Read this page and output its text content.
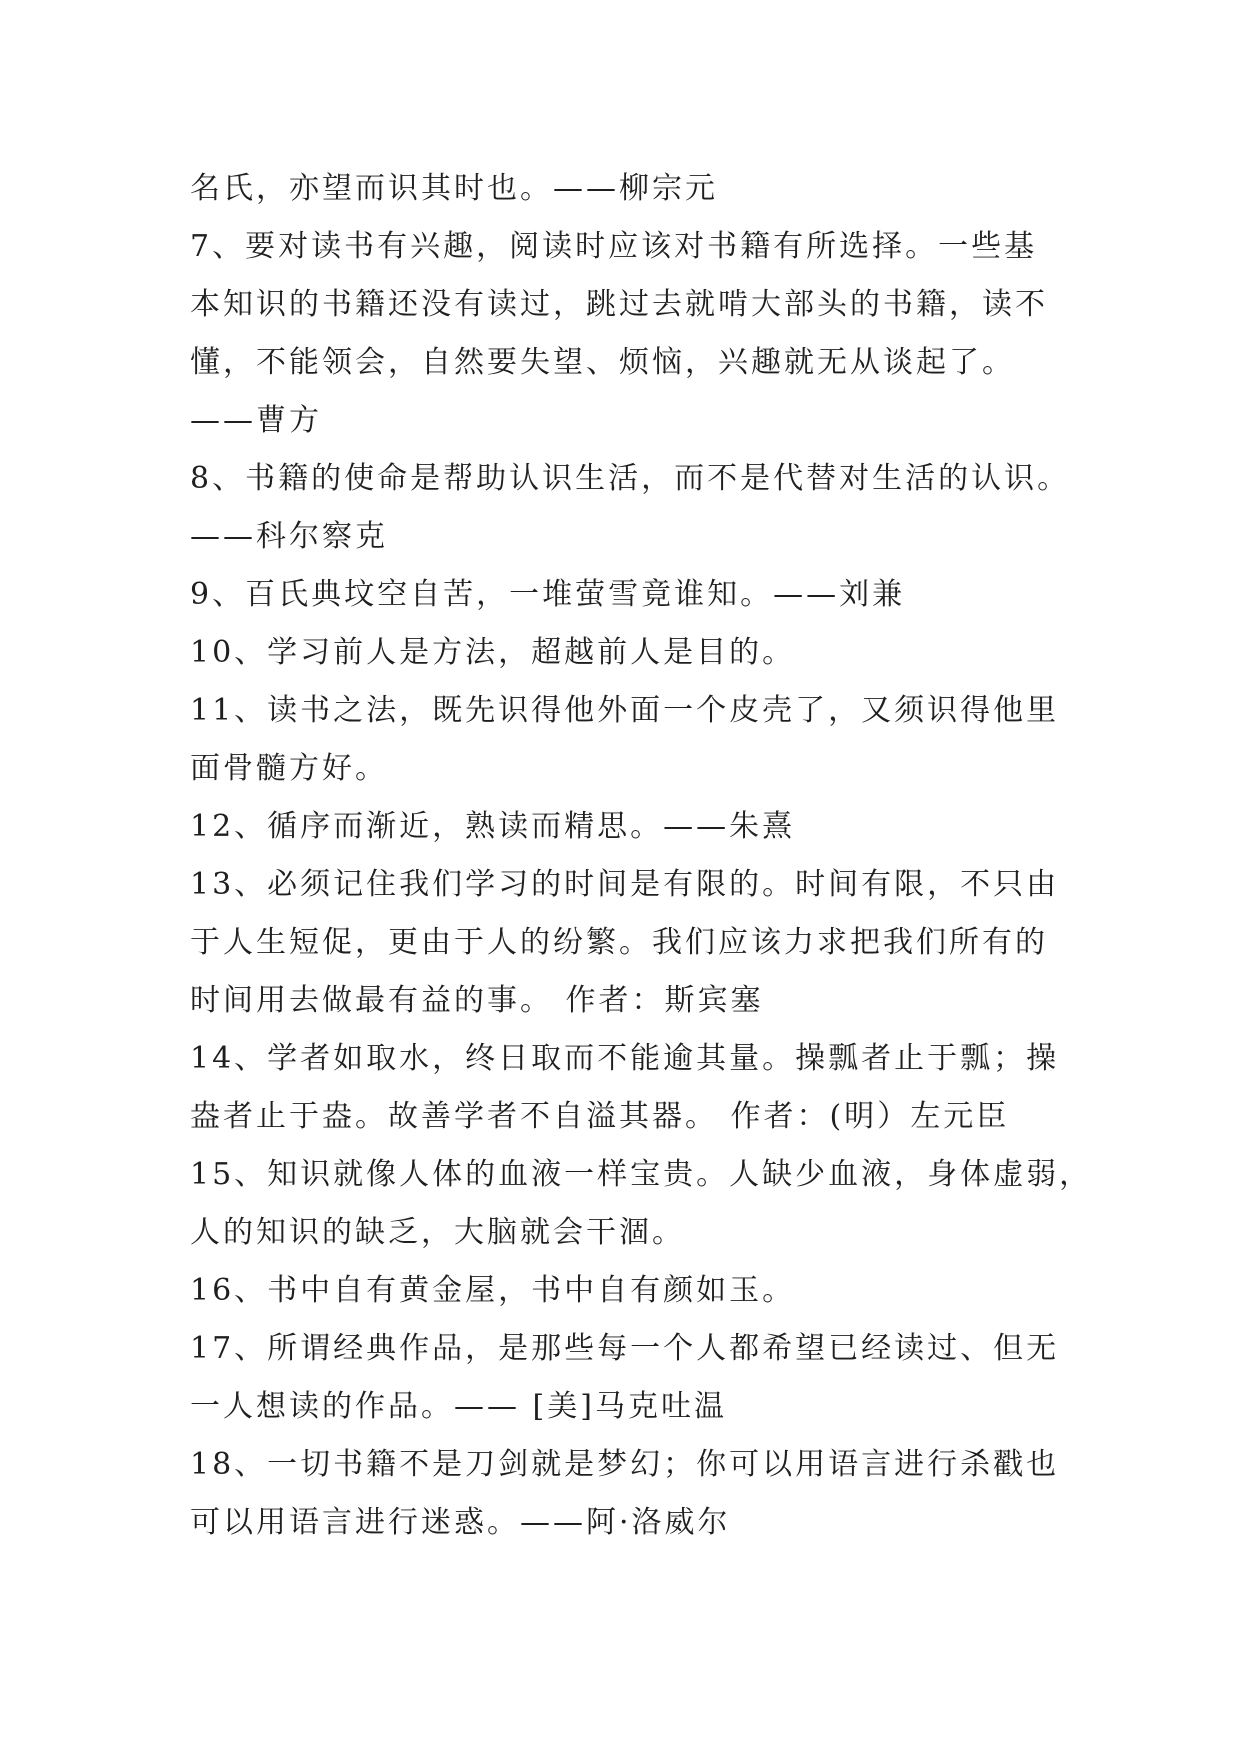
名氏，亦望而识其时也。——柳宗元
7、要对读书有兴趣，阅读时应该对书籍有所选择。一些基
本知识的书籍还没有读过，跳过去就啃大部头的书籍，读不
懂，不能领会，自然要失望、烦恼，兴趣就无从谈起了。
——曹方
8、书籍的使命是帮助认识生活，而不是代替对生活的认识。
——科尔察克
9、百氏典坟空自苦，一堆萤雪竟谁知。——刘兼
10、学习前人是方法，超越前人是目的。
11、读书之法，既先识得他外面一个皮壳了，又须识得他里
面骨髓方好。
12、循序而渐近，熟读而精思。——朱熹
13、必须记住我们学习的时间是有限的。时间有限，不只由
于人生短促，更由于人的纷繁。我们应该力求把我们所有的
时间用去做最有益的事。 作者：斯宾塞
14、学者如取水，终日取而不能逾其量。操瓢者止于瓢；操
盎者止于盎。故善学者不自溢其器。 作者：(明）左元臣
15、知识就像人体的血液一样宝贵。人缺少血液，身体虚弱，
人的知识的缺乏，大脑就会干涸。
16、书中自有黄金屋，书中自有颜如玉。
17、所谓经典作品，是那些每一个人都希望已经读过、但无
一人想读的作品。—— [美]马克吐温
18、一切书籍不是刀剑就是梦幻；你可以用语言进行杀戳也
可以用语言进行迷惑。——阿·洛威尔
